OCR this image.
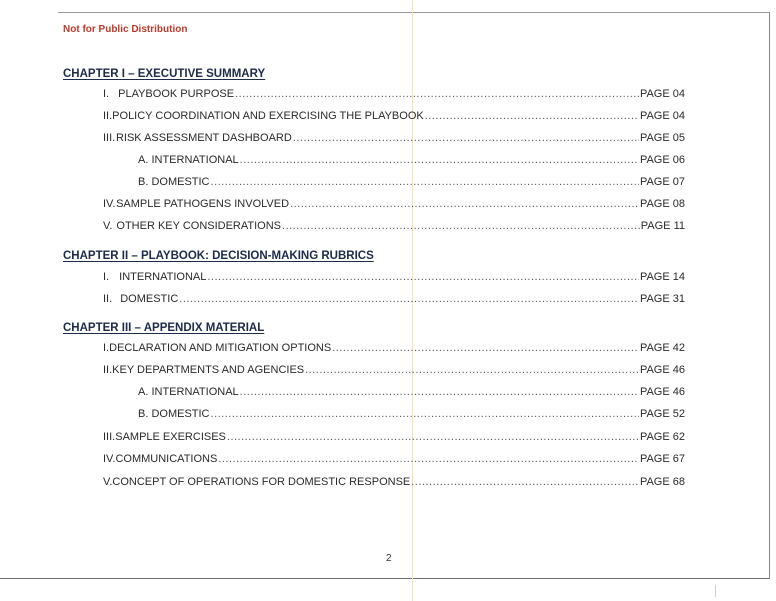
Not for Public Distribution
CHAPTER I – EXECUTIVE SUMMARY
I. PLAYBOOK PURPOSE .....	PAGE 04
II. POLICY COORDINATION AND EXERCISING THE PLAYBOOK .....	PAGE 04
III. RISK ASSESSMENT DASHBOARD .....	PAGE 05
A. INTERNATIONAL .....	PAGE 06
B. DOMESTIC .....	PAGE 07
IV. SAMPLE PATHOGENS INVOLVED .....	PAGE 08
V. OTHER KEY CONSIDERATIONS .....	PAGE 11
CHAPTER II – PLAYBOOK: DECISION-MAKING RUBRICS
I. INTERNATIONAL .....	PAGE 14
II. DOMESTIC .....	PAGE 31
CHAPTER III – APPENDIX MATERIAL
I. DECLARATION AND MITIGATION OPTIONS .....	PAGE 42
II. KEY DEPARTMENTS AND AGENCIES .....	PAGE 46
A. INTERNATIONAL .....	PAGE 46
B. DOMESTIC .....	PAGE 52
III. SAMPLE EXERCISES .....	PAGE 62
IV. COMMUNICATIONS .....	PAGE 67
V. CONCEPT OF OPERATIONS FOR DOMESTIC RESPONSE .....	PAGE 68
2
